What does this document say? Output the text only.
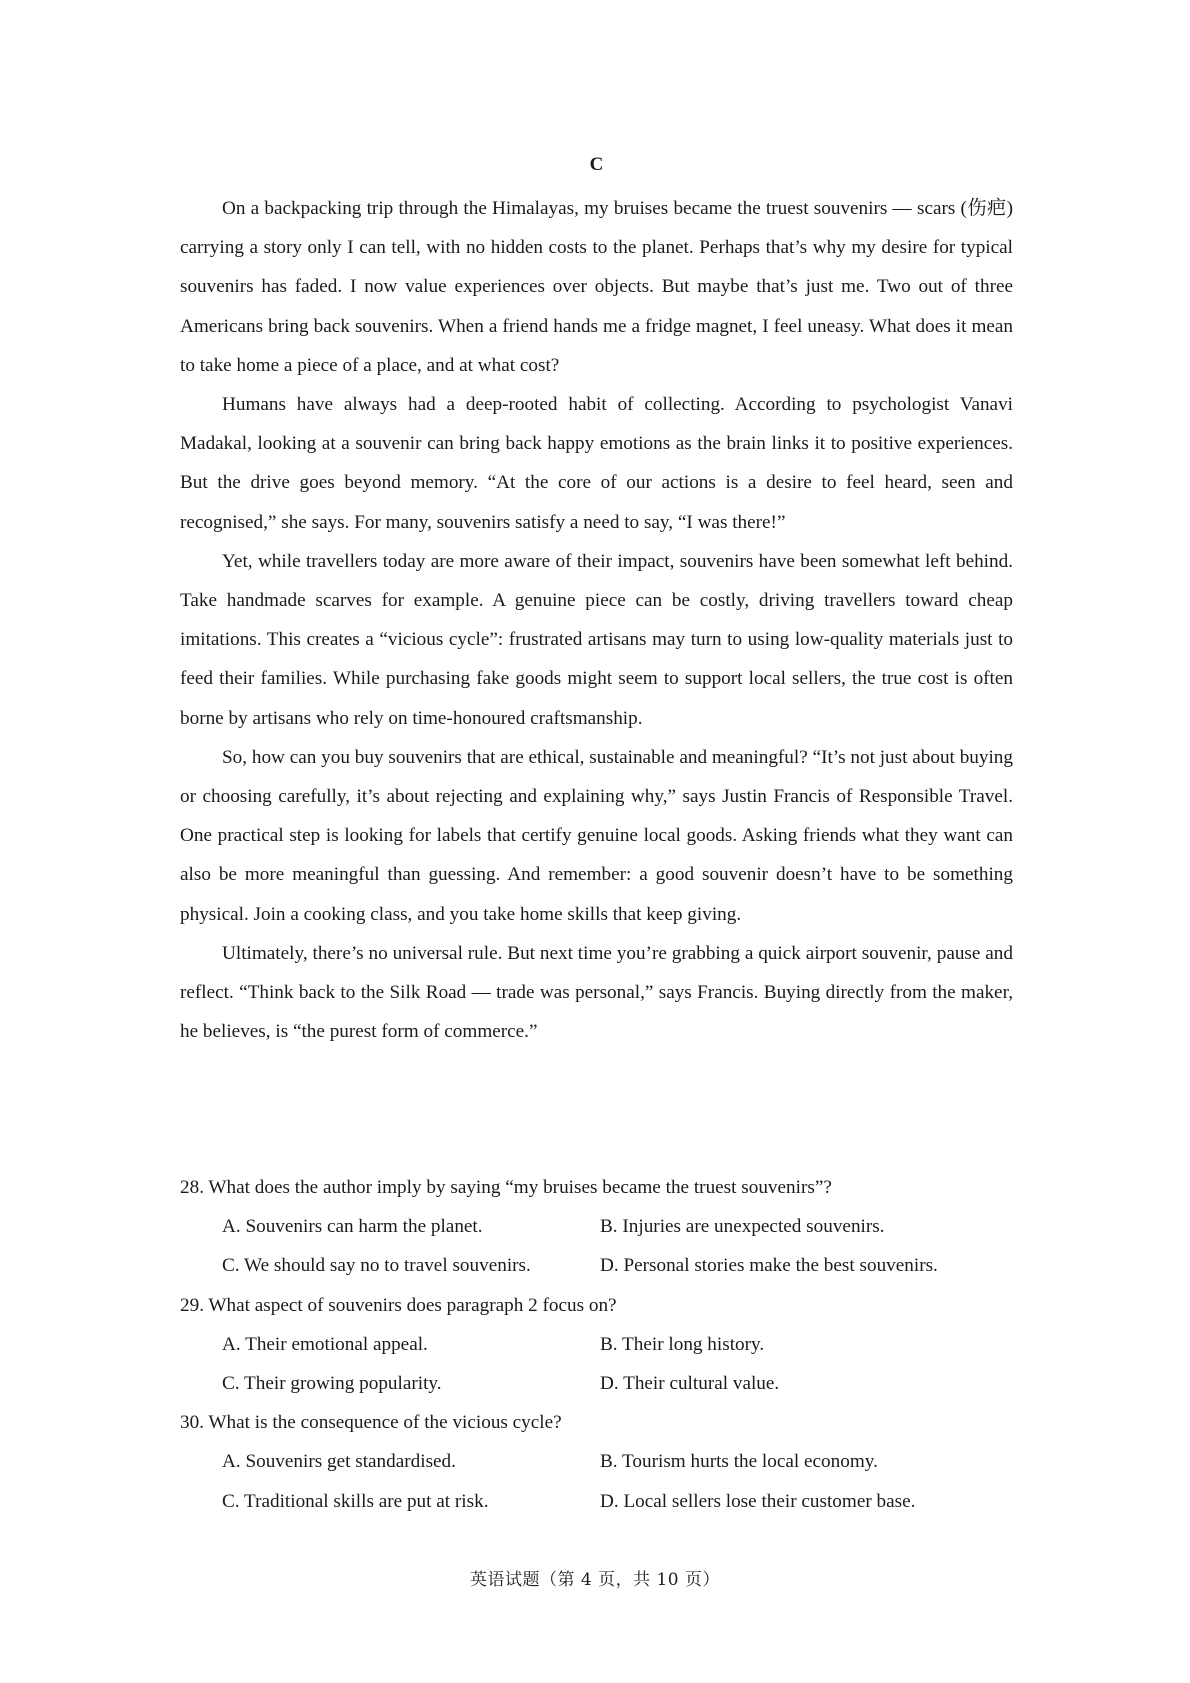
C

On a backpacking trip through the Himalayas, my bruises became the truest souvenirs — scars (伤疤) carrying a story only I can tell, with no hidden costs to the planet. Perhaps that’s why my desire for typical souvenirs has faded. I now value experiences over objects. But maybe that’s just me. Two out of three Americans bring back souvenirs. When a friend hands me a fridge magnet, I feel uneasy. What does it mean to take home a piece of a place, and at what cost?

Humans have always had a deep-rooted habit of collecting. According to psychologist Vanavi Madakal, looking at a souvenir can bring back happy emotions as the brain links it to positive experiences. But the drive goes beyond memory. “At the core of our actions is a desire to feel heard, seen and recognised,” she says. For many, souvenirs satisfy a need to say, “I was there!”

Yet, while travellers today are more aware of their impact, souvenirs have been somewhat left behind. Take handmade scarves for example. A genuine piece can be costly, driving travellers toward cheap imitations. This creates a “vicious cycle”: frustrated artisans may turn to using low-quality materials just to feed their families. While purchasing fake goods might seem to support local sellers, the true cost is often borne by artisans who rely on time-honoured craftsmanship.

So, how can you buy souvenirs that are ethical, sustainable and meaningful? “It’s not just about buying or choosing carefully, it’s about rejecting and explaining why,” says Justin Francis of Responsible Travel. One practical step is looking for labels that certify genuine local goods. Asking friends what they want can also be more meaningful than guessing. And remember: a good souvenir doesn’t have to be something physical. Join a cooking class, and you take home skills that keep giving.

Ultimately, there’s no universal rule. But next time you’re grabbing a quick airport souvenir, pause and reflect. “Think back to the Silk Road — trade was personal,” says Francis. Buying directly from the maker, he believes, is “the purest form of commerce.”

28. What does the author imply by saying “my bruises became the truest souvenirs”?
A. Souvenirs can harm the planet.	B. Injuries are unexpected souvenirs.
C. We should say no to travel souvenirs.	D. Personal stories make the best souvenirs.
29. What aspect of souvenirs does paragraph 2 focus on?
A. Their emotional appeal.	B. Their long history.
C. Their growing popularity.	D. Their cultural value.
30. What is the consequence of the vicious cycle?
A. Souvenirs get standardised.	B. Tourism hurts the local economy.
C. Traditional skills are put at risk.	D. Local sellers lose their customer base.
英语试题（第 4 页，共 10 页）
